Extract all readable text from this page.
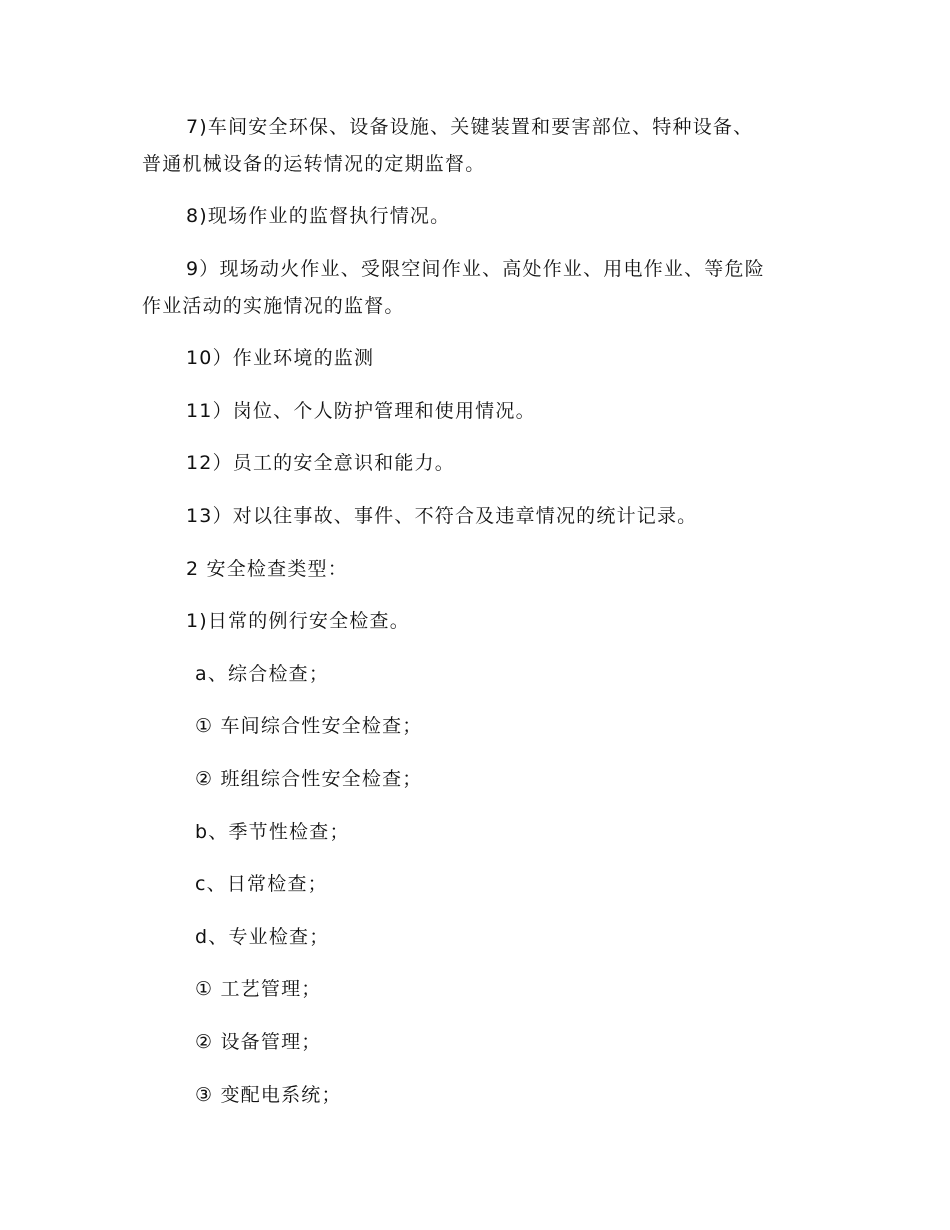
7)车间安全环保、设备设施、关键装置和要害部位、特种设备、
普通机械设备的运转情况的定期监督。
8)现场作业的监督执行情况。
9）现场动火作业、受限空间作业、高处作业、用电作业、等危险
作业活动的实施情况的监督。
10）作业环境的监测
11）岗位、个人防护管理和使用情况。
12）员工的安全意识和能力。
13）对以往事故、事件、不符合及违章情况的统计记录。
2 安全检查类型：
1)日常的例行安全检查。
a、综合检查；
① 车间综合性安全检查；
② 班组综合性安全检查；
b、季节性检查；
c、日常检查；
d、专业检查；
① 工艺管理；
② 设备管理；
③ 变配电系统；
